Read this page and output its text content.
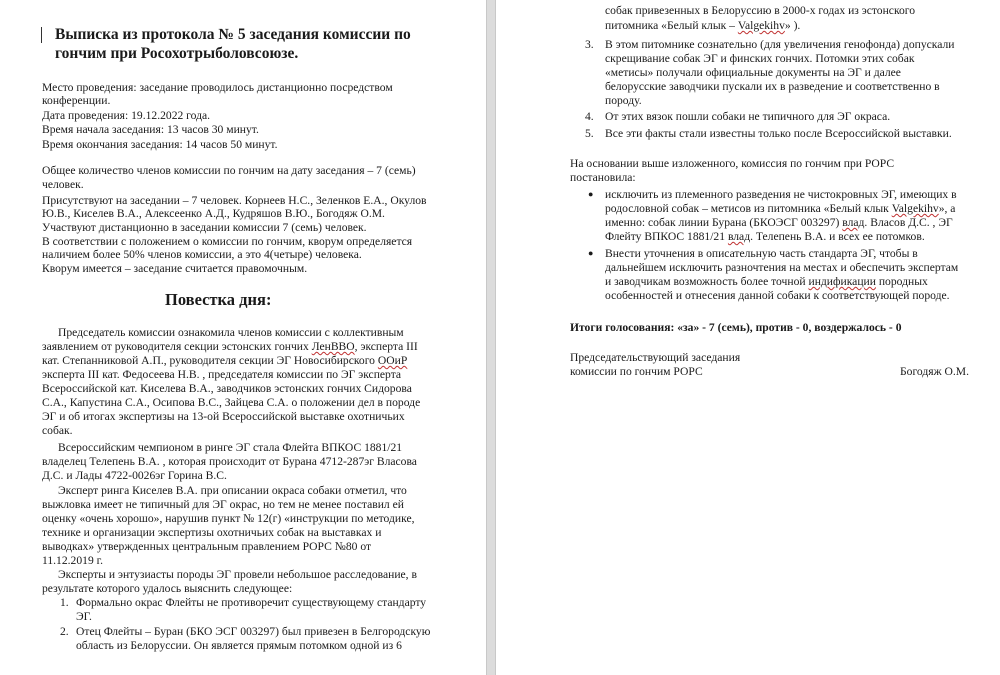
Выписка из протокола № 5 заседания комиссии по
гончим при Росохотрыболовсоюзе.
Место проведения: заседание проводилось дистанционно посредством
конференции.
Дата проведения: 19.12.2022 года.
Время начала заседания: 13 часов 30 минут.
Время окончания заседания: 14 часов 50 минут.
Общее количество членов комиссии по гончим на дату заседания – 7 (семь)
человек.
Присутствуют на заседании – 7 человек. Корнеев Н.С., Зеленков Е.А., Окулов
Ю.В., Киселев В.А., Алексеенко А.Д., Кудряшов В.Ю., Богодяж О.М.
Участвуют дистанционно в заседании комиссии 7 (семь) человек.
В соответствии с положением о комиссии по гончим, кворум определяется
наличием более 50% членов комиссии, а это 4(четыре) человека.
Кворум имеется – заседание считается правомочным.
Повестка дня:
Председатель комиссии ознакомила членов комиссии с коллективным
заявлением от руководителя секции эстонских гончих ЛенВВО, эксперта III
кат. Степанниковой А.П., руководителя секции ЭГ Новосибирского ООиР
эксперта III кат. Федосеева Н.В. , председателя комиссии по ЭГ эксперта
Всероссийской кат. Киселева В.А., заводчиков эстонских гончих Сидорова
С.А., Капустина С.А., Осипова В.С., Зайцева С.А. о положении дел в породе
ЭГ и об итогах экспертизы на 13-ой Всероссийской выставке охотничьих
собак.
Всероссийским чемпионом в ринге ЭГ стала Флейта ВПКОС 1881/21
владелец Телепень В.А. , которая происходит от Бурана 4712-287эг Власова
Д.С. и Лады 4722-0026эг Горина В.С.
Эксперт ринга Киселев В.А. при описании окраса собаки отметил, что
выжловка имеет не типичный для ЭГ окрас, но тем не менее поставил ей
оценку «очень хорошо», нарушив пункт № 12(г) «инструкции по методике,
технике и организации экспертизы охотничьих собак на выставках и
выводках» утвержденных центральным правлением РОРС №80 от
11.12.2019 г.
Эксперты и энтузиасты породы ЭГ провели небольшое расследование, в
результате которого удалось выяснить следующее:
1. Формально окрас Флейты не противоречит существующему стандарту
ЭГ.
2. Отец Флейты – Буран (БКО ЭСГ 003297) был привезен в Белгородскую
область из Белоруссии. Он является прямым потомком одной из 6
собак привезенных в Белоруссию в 2000-х годах из эстонского
питомника «Белый клык – Valgekihv» ).
3. В этом питомнике сознательно (для увеличения генофонда) допускали
скрещивание собак ЭГ и финских гончих. Потомки этих собак
«метисы» получали официальные документы на ЭГ и далее
белорусские заводчики пускали их в разведение и соответственно в
породу.
4. От этих вязок пошли собаки не типичного для ЭГ окраса.
5. Все эти факты стали известны только после Всероссийской выставки.
На основании выше изложенного, комиссия по гончим при РОРС
постановила:
● исключить из племенного разведения не чистокровных ЭГ, имеющих в
родословной собак – метисов из питомника «Белый клык Valgekihv», а
именно: собак линии Бурана (БКОЭСГ 003297) влад. Власов Д.С. , ЭГ
Флейту ВПКОС 1881/21 влад. Телепень В.А. и всех ее потомков.
● Внести уточнения в описательную часть стандарта ЭГ, чтобы в
дальнейшем исключить разночтения на местах и обеспечить экспертам
и заводчикам возможность более точной индификации породных
особенностей и отнесения данной собаки к соответствующей породе.
Итоги голосования: «за» - 7 (семь), против - 0, воздержалось - 0
Председательствующий заседания
комиссии по гончим РОРС	Богодяж О.М.
